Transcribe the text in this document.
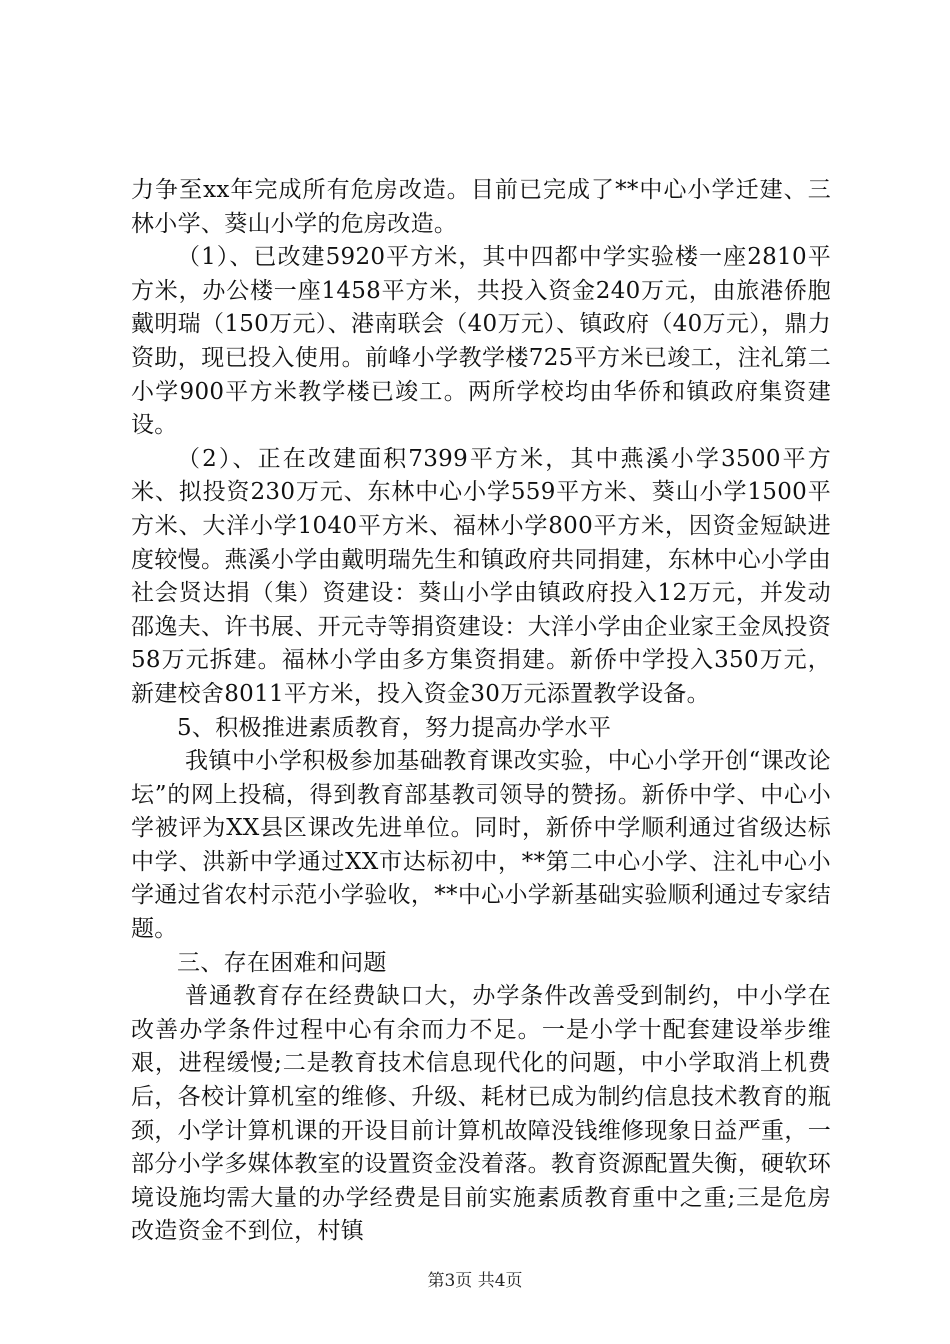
力争至xx年完成所有危房改造。目前已完成了**中心小学迁建、三林小学、葵山小学的危房改造。

（1）、已改建5920平方米，其中四都中学实验楼一座2810平方米，办公楼一座1458平方米，共投入资金240万元，由旅港侨胞戴明瑞（150万元）、港南联会（40万元）、镇政府（40万元），鼎力资助，现已投入使用。前峰小学教学楼725平方米已竣工，注礼第二小学900平方米教学楼已竣工。两所学校均由华侨和镇政府集资建设。

（2）、正在改建面积7399平方米，其中燕溪小学3500平方米、拟投资230万元、东林中心小学559平方米、葵山小学1500平方米、大洋小学1040平方米、福林小学800平方米，因资金短缺进度较慢。燕溪小学由戴明瑞先生和镇政府共同捐建，东林中心小学由社会贤达捐（集）资建设：葵山小学由镇政府投入12万元，并发动邵逸夫、许书展、开元寺等捐资建设：大洋小学由企业家王金凤投资58万元拆建。福林小学由多方集资捐建。新侨中学投入350万元，新建校舍8011平方米，投入资金30万元添置教学设备。

5、积极推进素质教育，努力提高办学水平

我镇中小学积极参加基础教育课改实验，中心小学开创“课改论坛”的网上投稿，得到教育部基教司领导的赞扬。新侨中学、中心小学被评为XX县区课改先进单位。同时，新侨中学顺利通过省级达标中学、洪新中学通过XX市达标初中，**第二中心小学、注礼中心小学通过省农村示范小学验收，**中心小学新基础实验顺利通过专家结题。

三、存在困难和问题

普通教育存在经费缺口大，办学条件改善受到制约，中小学在改善办学条件过程中心有余而力不足。一是小学十配套建设举步维艰，进程缓慢;二是教育技术信息现代化的问题，中小学取消上机费后，各校计算机室的维修、升级、耗材已成为制约信息技术教育的瓶颈，小学计算机课的开设目前计算机故障没钱维修现象日益严重，一部分小学多媒体教室的设置资金没着落。教育资源配置失衡，硬软环境设施均需大量的办学经费是目前实施素质教育重中之重;三是危房改造资金不到位，村镇

第3页 共4页
